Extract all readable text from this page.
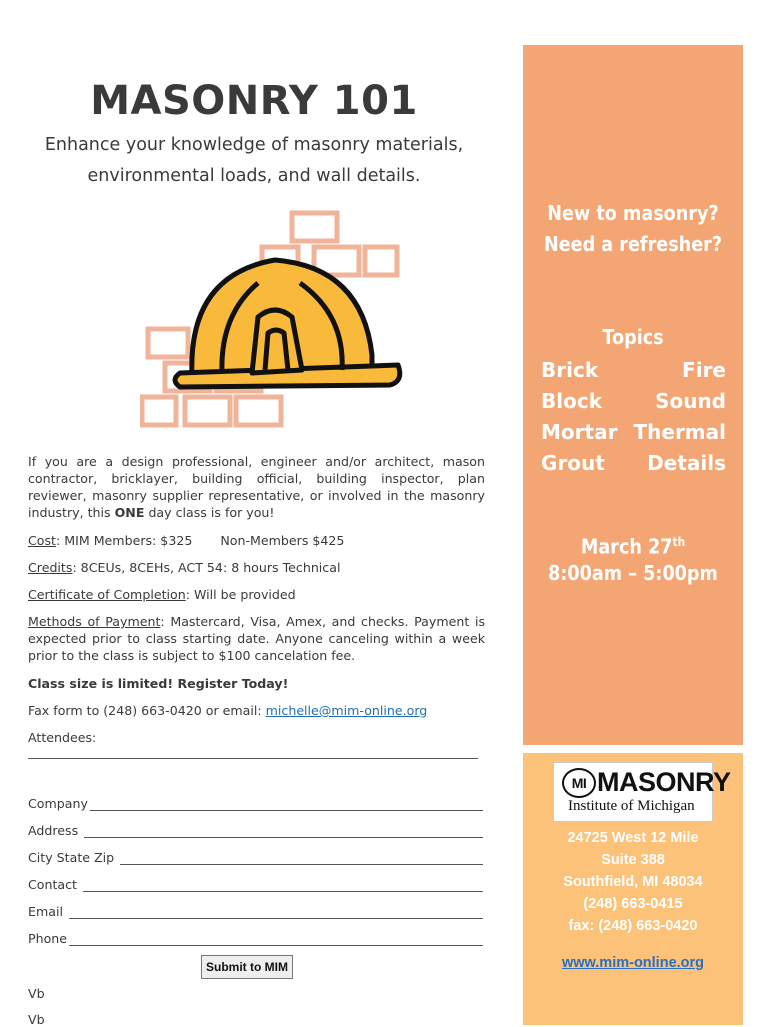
MASONRY 101
Enhance your knowledge of masonry materials,
environmental loads, and wall details.
If you are a design professional, engineer and/or architect, mason contractor, bricklayer, building official, building inspector, plan reviewer, masonry supplier representative, or involved in the masonry industry, this ONE day class is for you!
Cost: MIM Members: $325 Non-Members $425
Credits: 8CEUs, 8CEHs, ACT 54: 8 hours Technical
Certificate of Completion: Will be provided
Methods of Payment: Mastercard, Visa, Amex, and checks. Payment is expected prior to class starting date. Anyone canceling within a week prior to the class is subject to $100 cancelation fee.
Class size is limited! Register Today!
Fax form to (248) 663-0420 or email: michelle@mim-online.org
Attendees:
Company
Address
City State Zip
Contact
Email
Phone
Submit to MIM
Vb
Vb
New to masonry?
Need a refresher?
Topics
Brick	Fire
Block	Sound
Mortar Thermal
Grout Details
March 27th
8:00am – 5:00pm
MI MASONRY
Institute of Michigan
24725 West 12 Mile
Suite 388
Southfield, MI 48034
(248) 663-0415
fax: (248) 663-0420
www.mim-online.org
